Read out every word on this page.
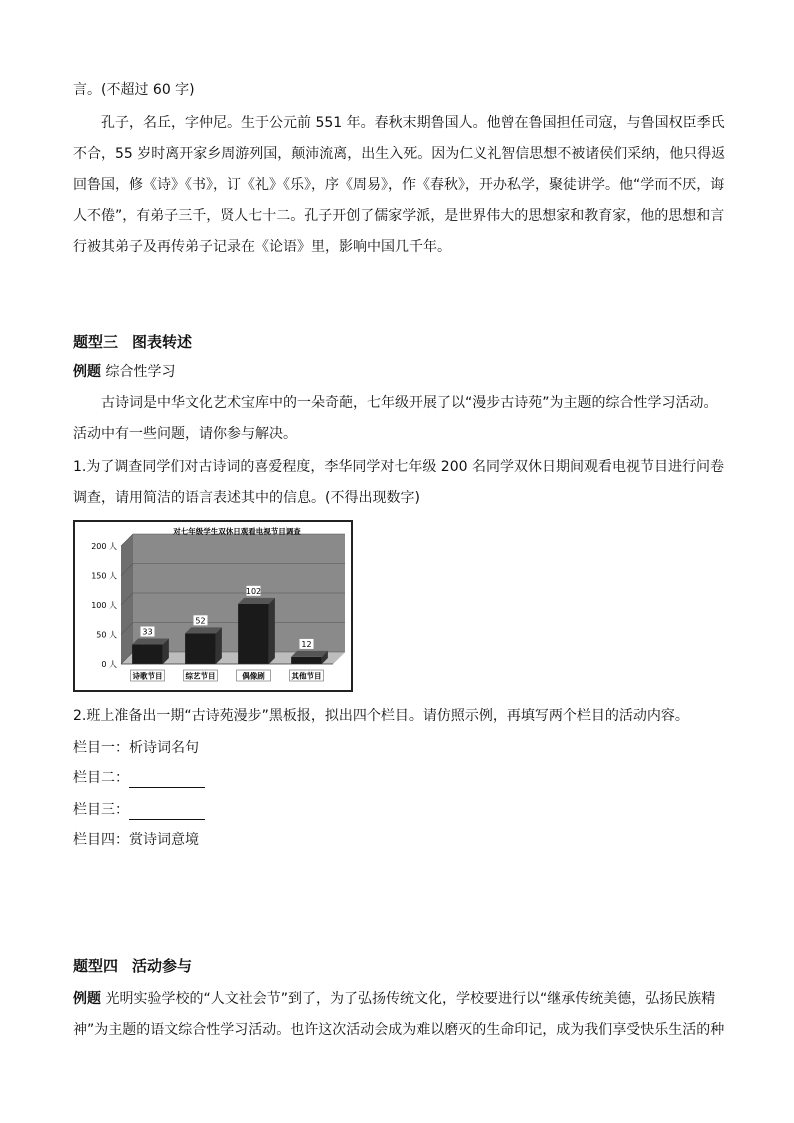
言。(不超过 60 字)
孔子，名丘，字仲尼。生于公元前 551 年。春秋末期鲁国人。他曾在鲁国担任司寇，与鲁国权臣季氏不合，55 岁时离开家乡周游列国，颠沛流离，出生入死。因为仁义礼智信思想不被诸侯们采纳，他只得返回鲁国，修《诗》《书》，订《礼》《乐》，序《周易》，作《春秋》，开办私学，聚徒讲学。他“学而不厌，诲人不倦”，有弟子三千，贤人七十二。孔子开创了儒家学派，是世界伟大的思想家和教育家，他的思想和言行被其弟子及再传弟子记录在《论语》里，影响中国几千年。
题型三 图表转述
例题 综合性学习
古诗词是中华文化艺术宝库中的一朵奇葩，七年级开展了以“漫步古诗苑”为主题的综合性学习活动。活动中有一些问题，请你参与解决。
1.为了调查同学们对古诗词的喜爱程度，李华同学对七年级 200 名同学双休日期间观看电视节目进行问卷调查，请用简洁的语言表述其中的信息。(不得出现数字)
0 人
50 人
100 人
150 人
200 人
对七年级学生双休日观看电视节目调查
33
诗歌节目
52
综艺节目
102
偶像剧
12
其他节目
2.班上准备出一期“古诗苑漫步”黑板报，拟出四个栏目。请仿照示例，再填写两个栏目的活动内容。
栏目一：析诗词名句
栏目二：
栏目三：
栏目四：赏诗词意境
题型四 活动参与
例题 光明实验学校的“人文社会节”到了，为了弘扬传统文化，学校要进行以“继承传统美德，弘扬民族精神”为主题的语文综合性学习活动。也许这次活动会成为难以磨灭的生命印记，成为我们享受快乐生活的种
